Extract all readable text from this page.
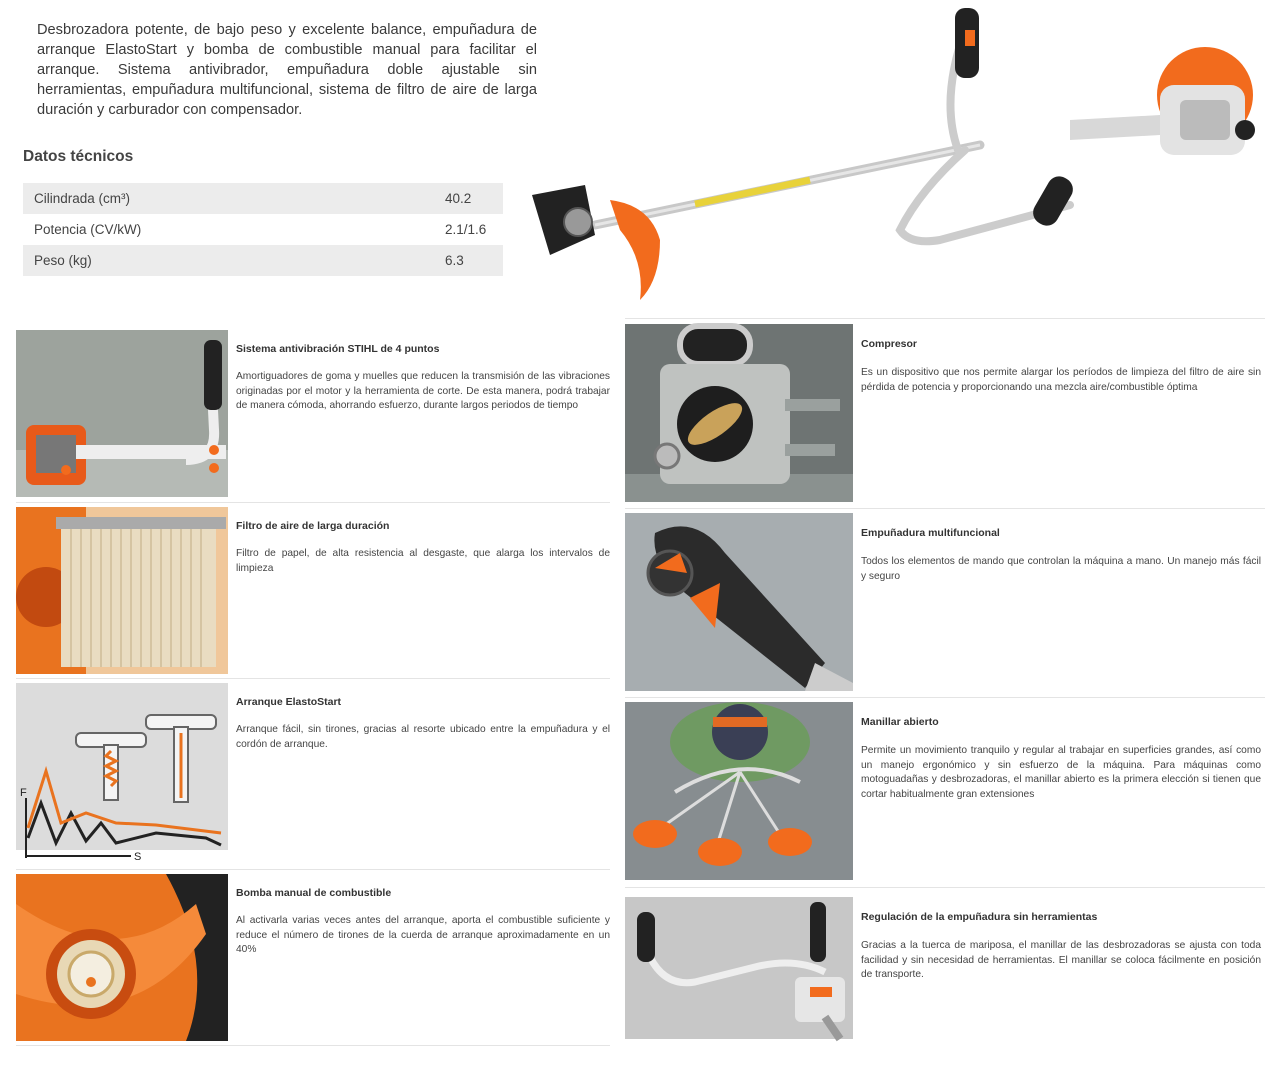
Desbrozadora potente, de bajo peso y excelente balance, empuñadura de arranque ElastoStart y bomba de combustible manual para facilitar el arranque. Sistema antivibrador, empuñadura doble ajustable sin herramientas, empuñadura multifuncional, sistema de filtro de aire de larga duración y carburador con compensador.

Datos técnicos
Cilindrada (cm³)	40.2
Potencia (CV/kW)	2.1/1.6
Peso (kg)	6.3
Sistema antivibración STIHL de 4 puntos
Amortiguadores de goma y muelles que reducen la transmisión de las vibraciones originadas por el motor y la herramienta de corte. De esta manera, podrá trabajar de manera cómoda, ahorrando esfuerzo, durante largos periodos de tiempo
Filtro de aire de larga duración
Filtro de papel, de alta resistencia al desgaste, que alarga los intervalos de limpieza
F
S
Arranque ElastoStart
Arranque fácil, sin tirones, gracias al resorte ubicado entre la empuñadura y el cordón de arranque.
Bomba manual de combustible
Al activarla varias veces antes del arranque, aporta el combustible suficiente y reduce el número de tirones de la cuerda de arranque aproximadamente en un 40%
Compresor
Es un dispositivo que nos permite alargar los períodos de limpieza del filtro de aire sin pérdida de potencia y proporcionando una mezcla aire/combustible óptima
Empuñadura multifuncional
Todos los elementos de mando que controlan la máquina a mano. Un manejo más fácil y seguro
Manillar abierto
Permite un movimiento tranquilo y regular al trabajar en superficies grandes, así como un manejo ergonómico y sin esfuerzo de la máquina. Para máquinas como motoguadañas y desbrozadoras, el manillar abierto es la primera elección si tienen que cortar habitualmente gran extensiones
Regulación de la empuñadura sin herramientas
Gracias a la tuerca de mariposa, el manillar de las desbrozadoras se ajusta con toda facilidad y sin necesidad de herramientas. El manillar se coloca fácilmente en posición de transporte.
